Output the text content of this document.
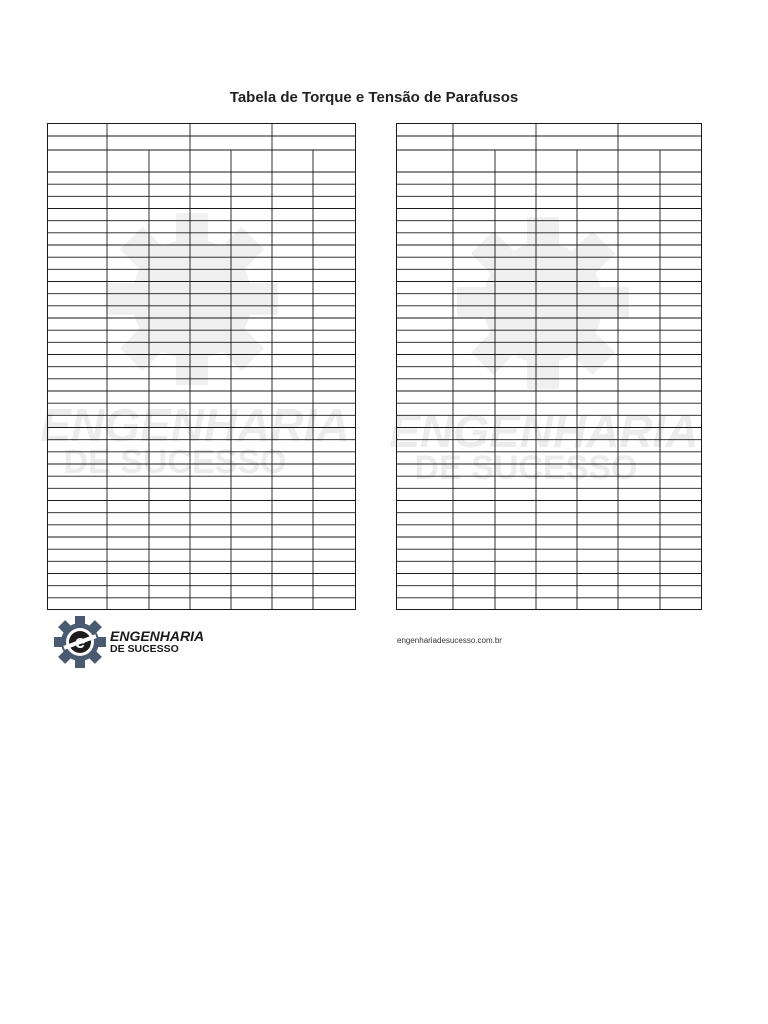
Tabela de Torque e Tensão de Parafusos
ENGENHARIA
DE SUCESSO
ENGENHARIA
DE SUCESSO
e ENGENHARIA
DE SUCESSO
engenhariadesucesso.com.br
